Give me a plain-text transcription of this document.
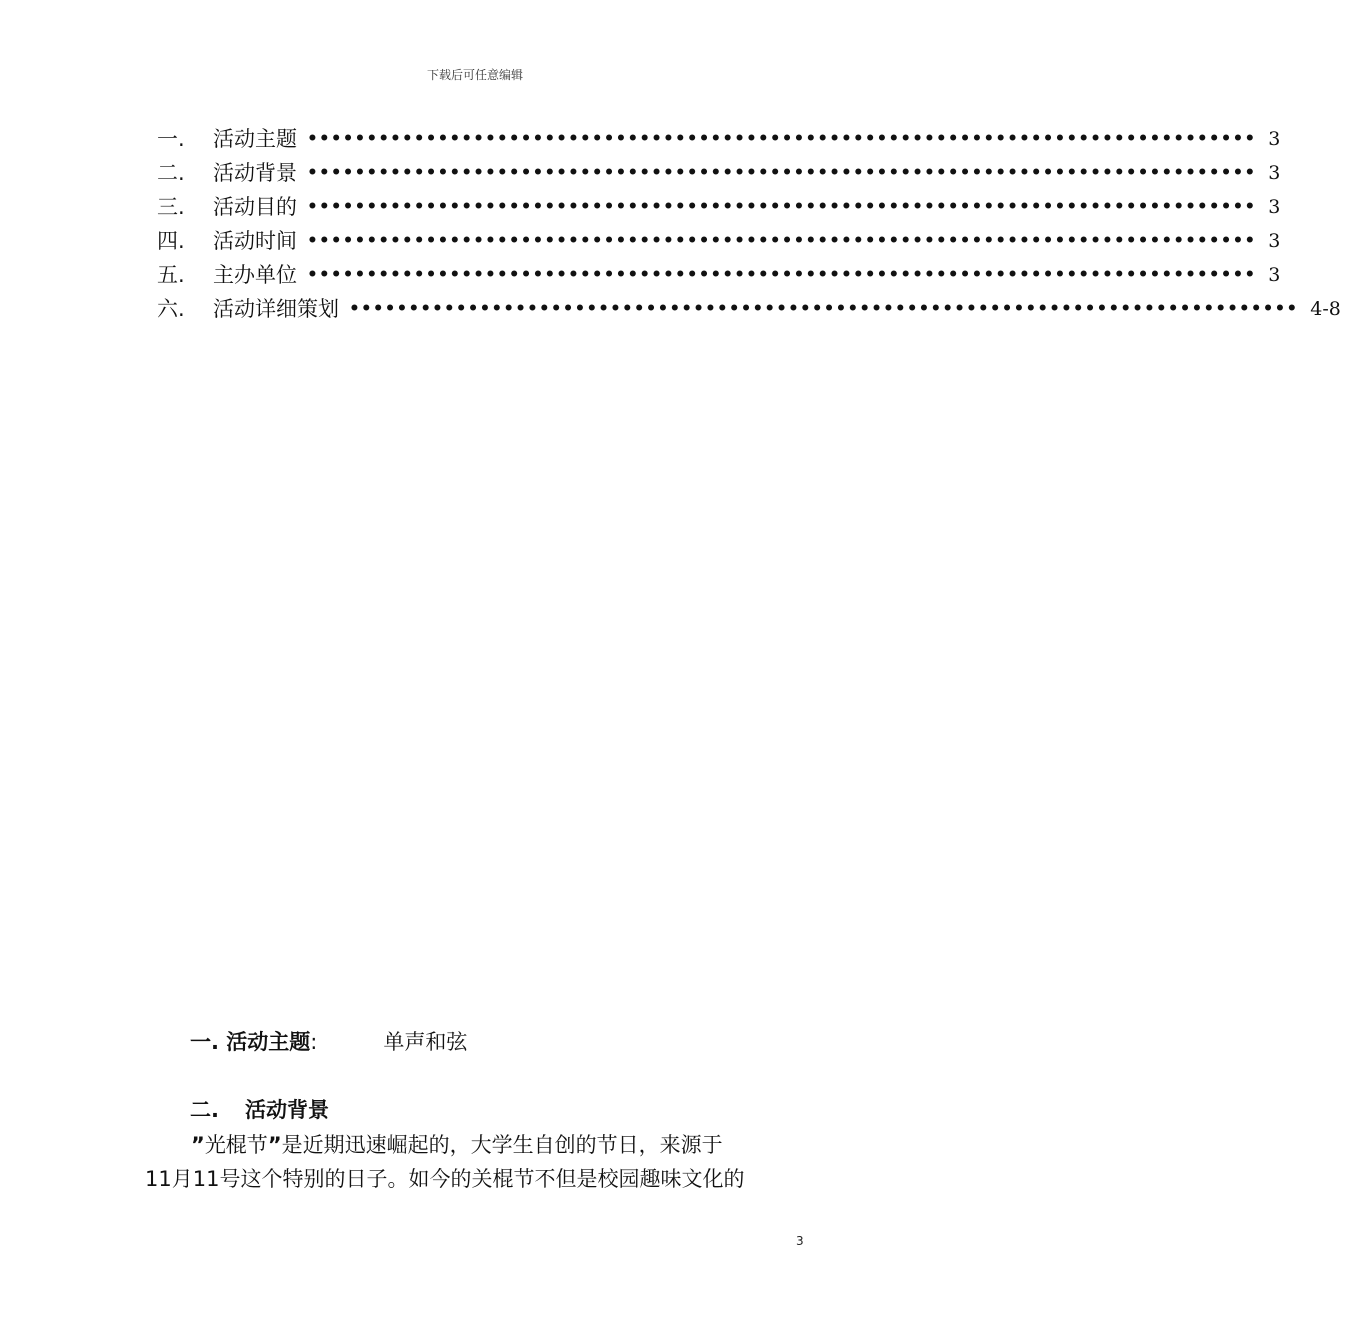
下载后可任意编辑
一.	活动主题 •••••••••••••••••••••••••••••••••••••••••••••••••••••••••••••••••••••••••••••••• 3
二.	活动背景 •••••••••••••••••••••••••••••••••••••••••••••••••••••••••••••••••••••••••••••••• 3
三.	活动目的 •••••••••••••••••••••••••••••••••••••••••••••••••••••••••••••••••••••••••••••••• 3
四.	活动时间 •••••••••••••••••••••••••••••••••••••••••••••••••••••••••••••••••••••••••••••••• 3
五.	主办单位 •••••••••••••••••••••••••••••••••••••••••••••••••••••••••••••••••••••••••••••••• 3
六.	活动详细策划 •••••••••••••••••••••••••••••••••••••••••••••••••••••••••••••••••••••••••••••••• 4-8
一. 活动主题:	单声和弦
二. 活动背景
”光棍节”是近期迅速崛起的，大学生自创的节日，来源于
11月11号这个特别的日子。如今的关棍节不但是校园趣味文化的
3
